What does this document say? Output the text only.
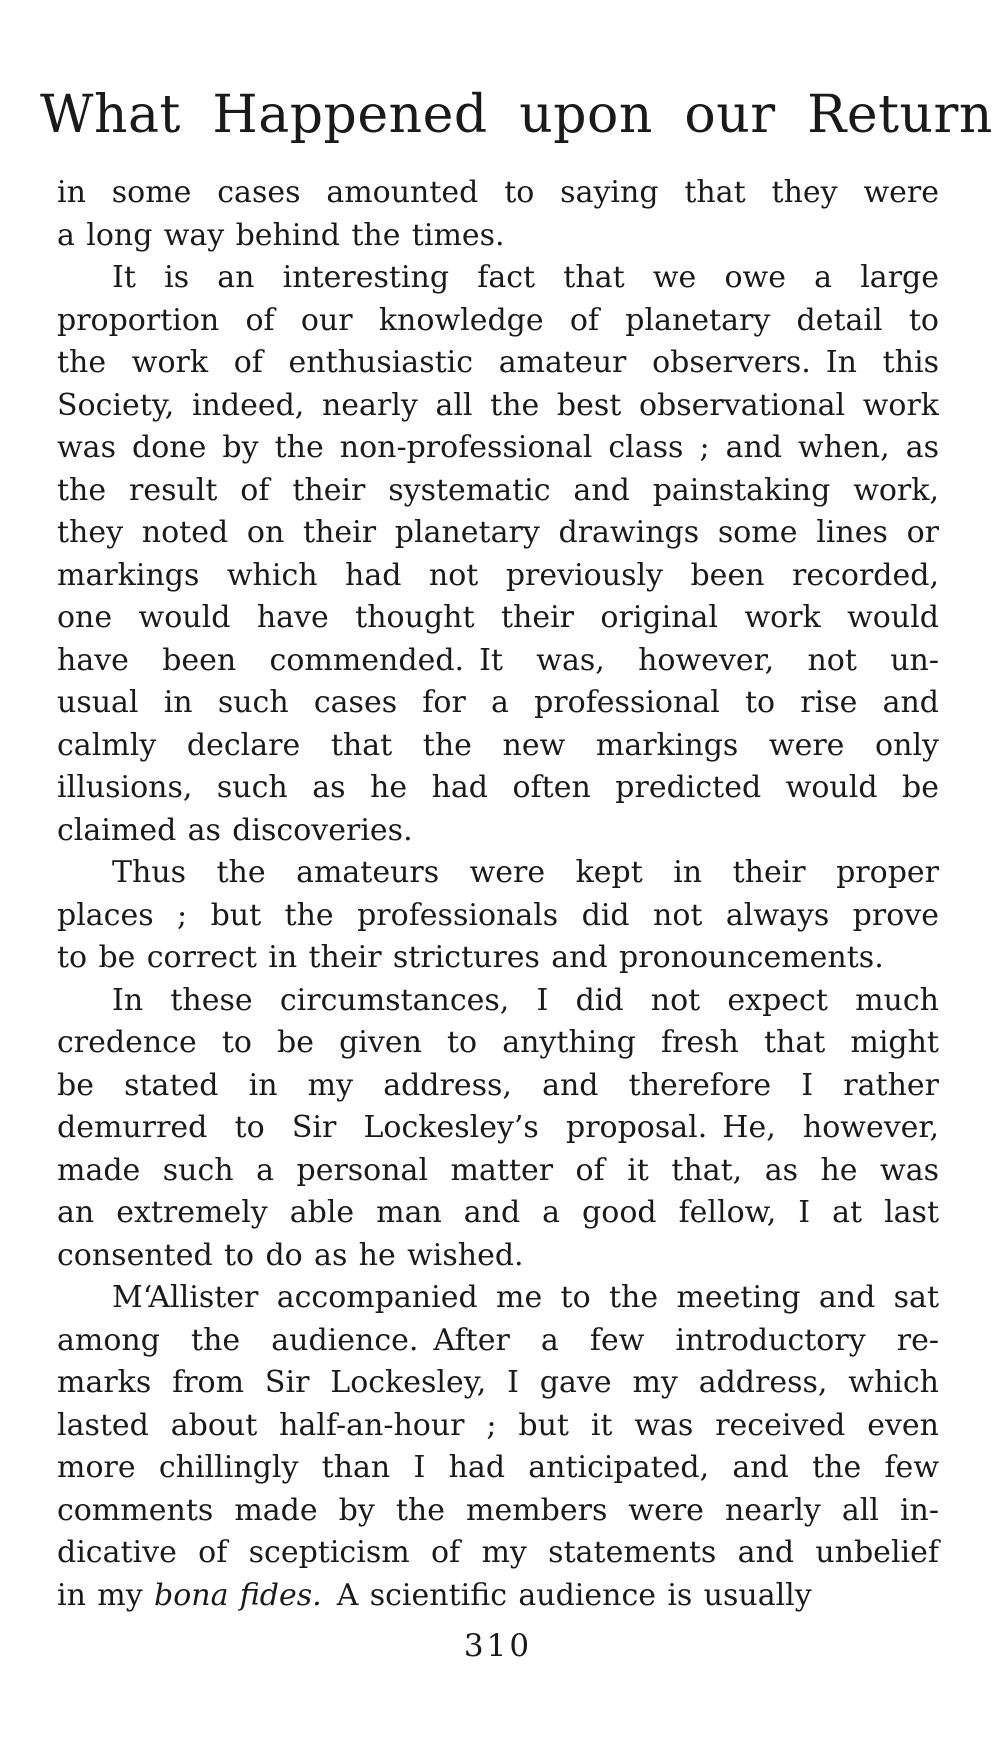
What Happened upon our Return
in some cases amounted to saying that they were
a long way behind the times.
It is an interesting fact that we owe a large
proportion of our knowledge of planetary detail to
the work of enthusiastic amateur observers. In this
Society, indeed, nearly all the best observational work
was done by the non-professional class ; and when, as
the result of their systematic and painstaking work,
they noted on their planetary drawings some lines or
markings which had not previously been recorded,
one would have thought their original work would
have been commended. It was, however, not un-
usual in such cases for a professional to rise and
calmly declare that the new markings were only
illusions, such as he had often predicted would be
claimed as discoveries.
Thus the amateurs were kept in their proper
places ; but the professionals did not always prove
to be correct in their strictures and pronouncements.
In these circumstances, I did not expect much
credence to be given to anything fresh that might
be stated in my address, and therefore I rather
demurred to Sir Lockesley’s proposal. He, however,
made such a personal matter of it that, as he was
an extremely able man and a good fellow, I at last
consented to do as he wished.
M‘Allister accompanied me to the meeting and sat
among the audience. After a few introductory re-
marks from Sir Lockesley, I gave my address, which
lasted about half-an-hour ; but it was received even
more chillingly than I had anticipated, and the few
comments made by the members were nearly all in-
dicative of scepticism of my statements and unbelief
in my bona fides. A scientific audience is usually
310
